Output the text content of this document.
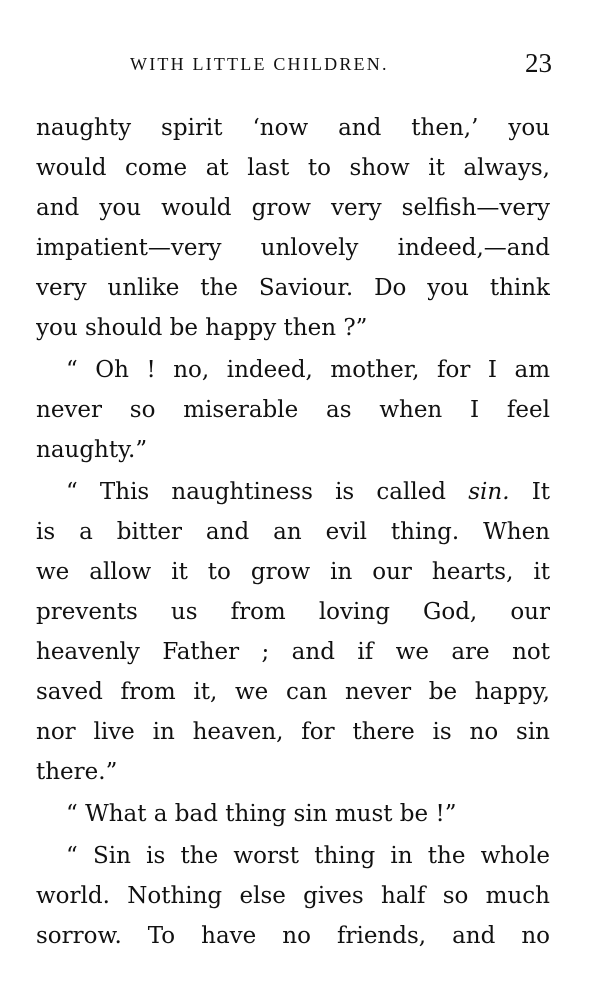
WITH LITTLE CHILDREN.	23
naughty spirit ‘now and then,’ you
would come at last to show it always,
and you would grow very selfish—very
impatient—very unlovely indeed,—and
very unlike the Saviour. Do you think
you should be happy then ?”
“ Oh ! no, indeed, mother, for I am
never so miserable as when I feel
naughty.”
“ This naughtiness is called sin. It
is a bitter and an evil thing. When
we allow it to grow in our hearts, it
prevents us from loving God, our
heavenly Father ; and if we are not
saved from it, we can never be happy,
nor live in heaven, for there is no sin
there.”
“ What a bad thing sin must be !”
“ Sin is the worst thing in the whole
world. Nothing else gives half so much
sorrow. To have no friends, and no
